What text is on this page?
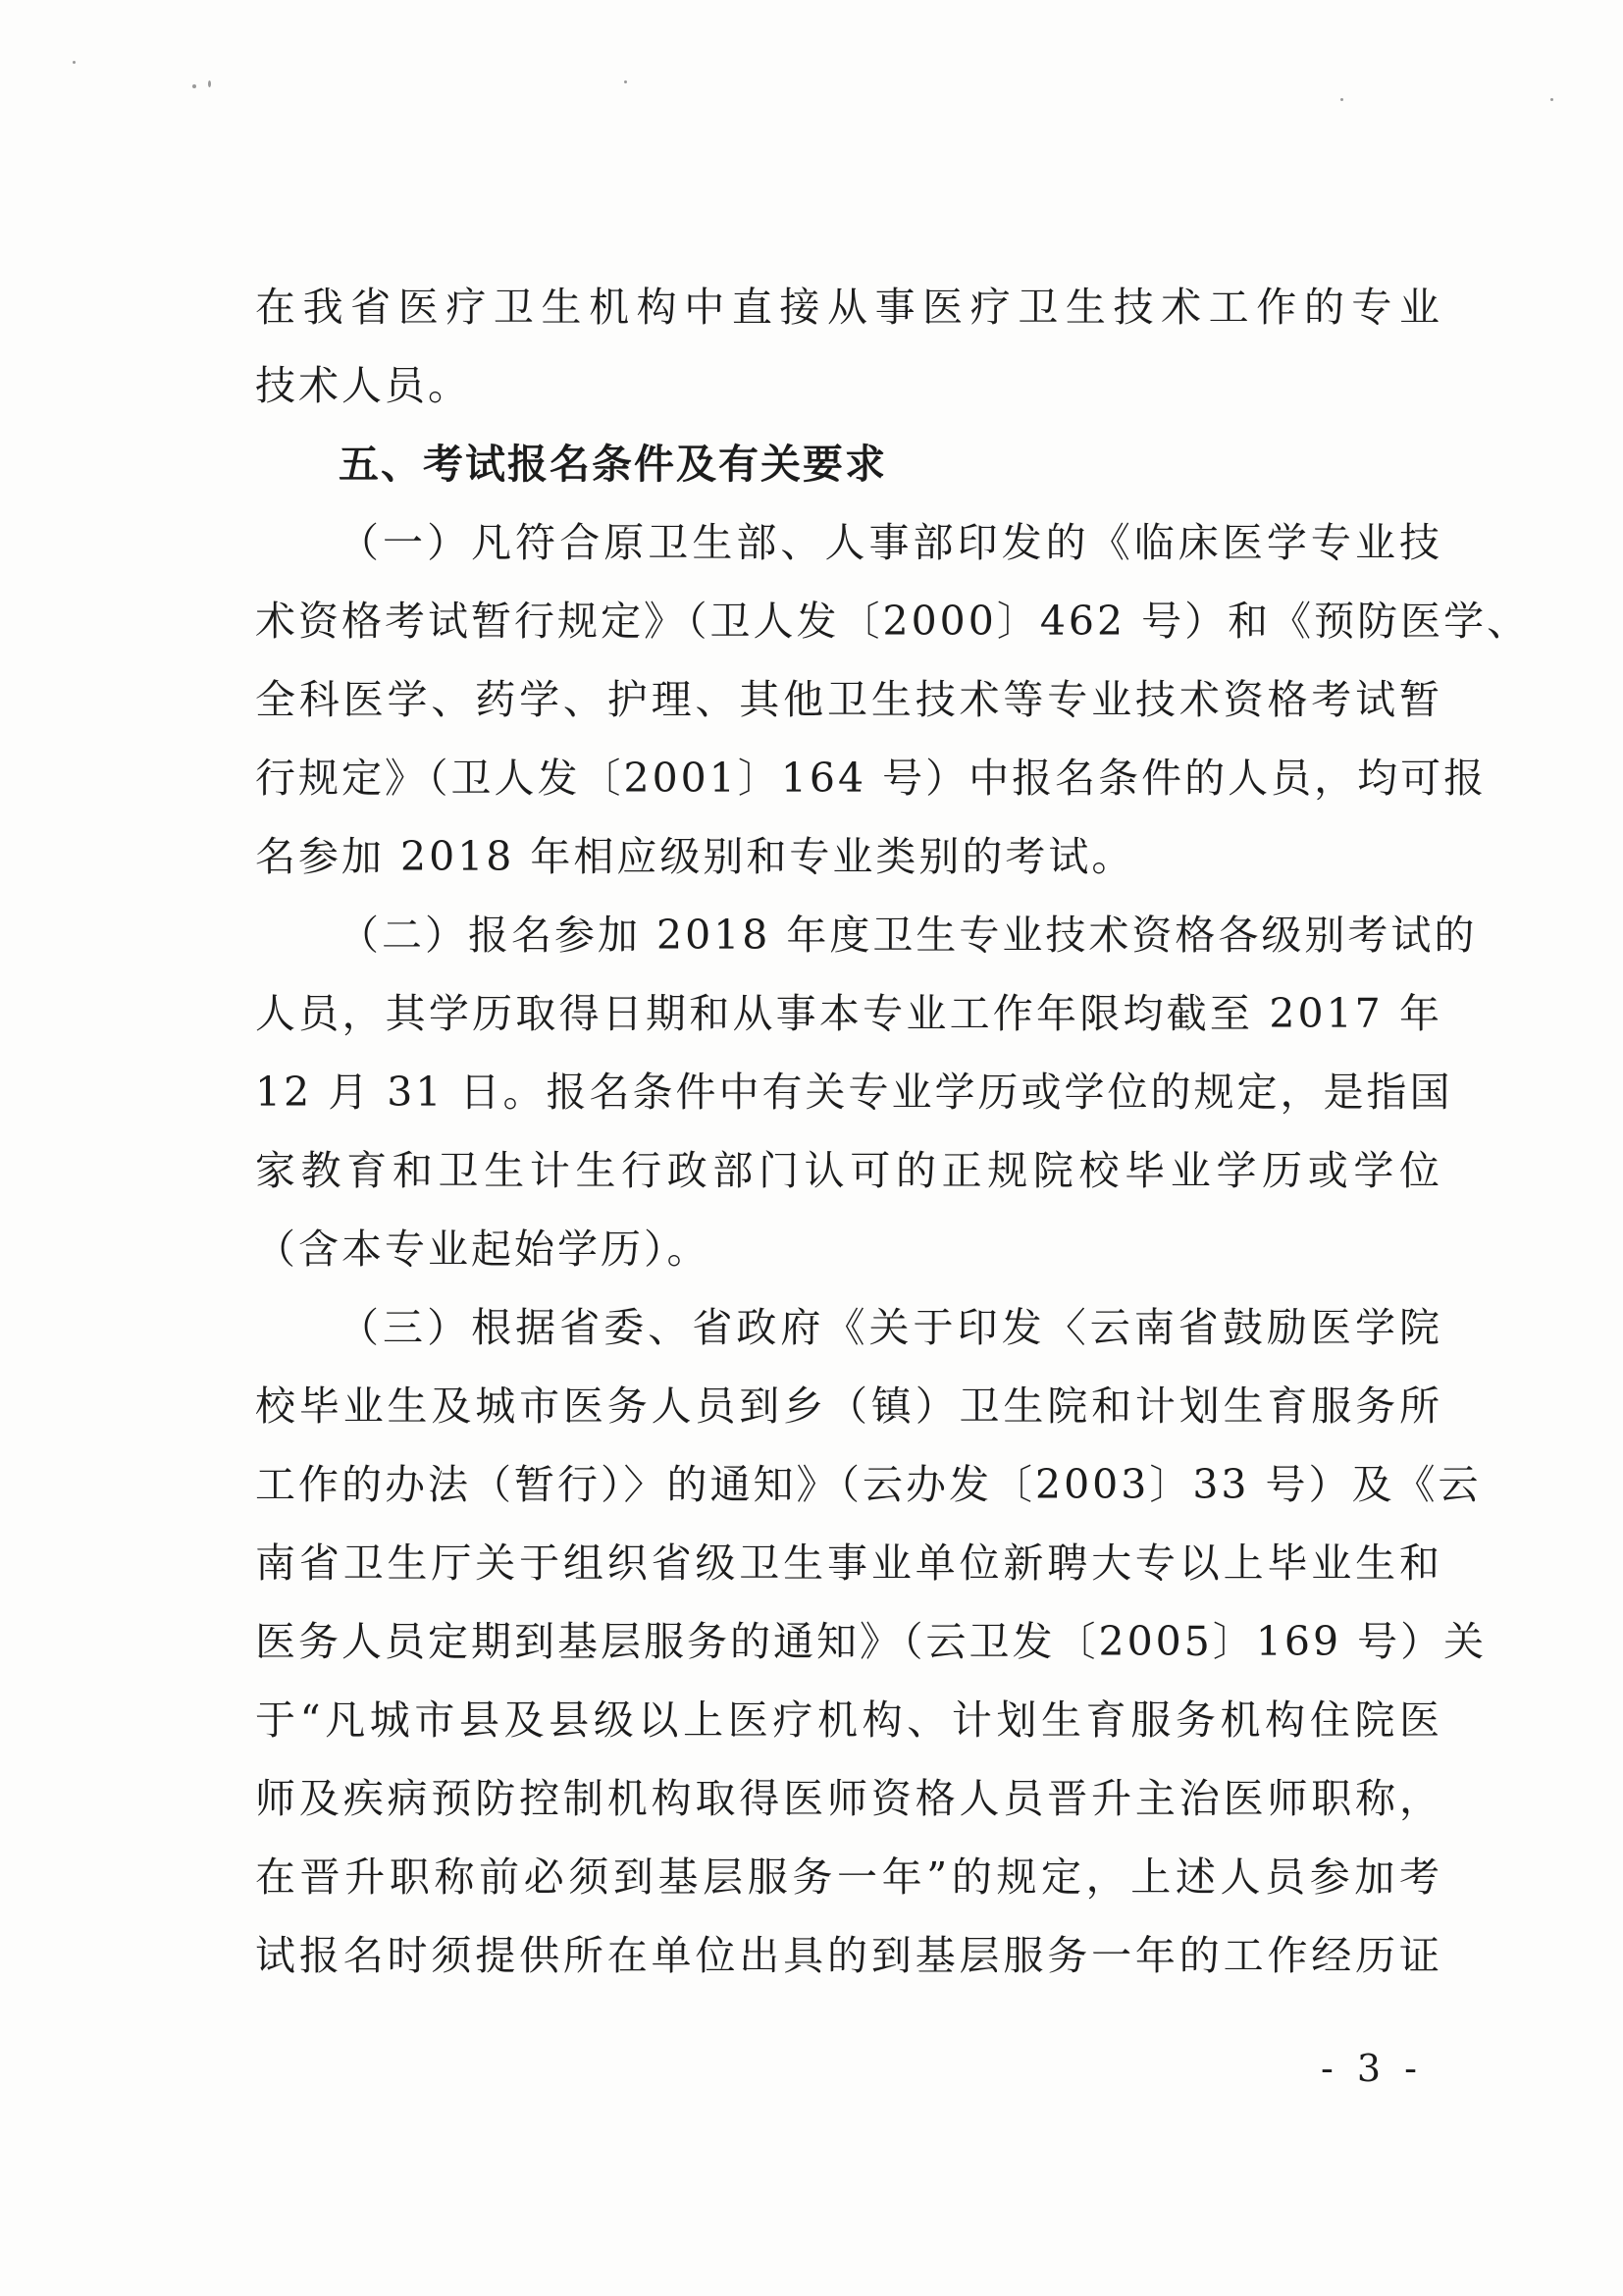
在我省医疗卫生机构中直接从事医疗卫生技术工作的专业
技术人员。
五、考试报名条件及有关要求
（一）凡符合原卫生部、人事部印发的《临床医学专业技
术资格考试暂行规定》（卫人发〔2000〕462 号）和《预防医学、
全科医学、药学、护理、其他卫生技术等专业技术资格考试暂
行规定》（卫人发〔2001〕164 号）中报名条件的人员，均可报
名参加 2018 年相应级别和专业类别的考试。
（二）报名参加 2018 年度卫生专业技术资格各级别考试的
人员，其学历取得日期和从事本专业工作年限均截至 2017 年
12 月 31 日。报名条件中有关专业学历或学位的规定，是指国
家教育和卫生计生行政部门认可的正规院校毕业学历或学位
（含本专业起始学历）。
（三）根据省委、省政府《关于印发〈云南省鼓励医学院
校毕业生及城市医务人员到乡（镇）卫生院和计划生育服务所
工作的办法（暂行）〉的通知》（云办发〔2003〕33 号）及《云
南省卫生厅关于组织省级卫生事业单位新聘大专以上毕业生和
医务人员定期到基层服务的通知》（云卫发〔2005〕169 号）关
于“凡城市县及县级以上医疗机构、计划生育服务机构住院医
师及疾病预防控制机构取得医师资格人员晋升主治医师职称，
在晋升职称前必须到基层服务一年”的规定，上述人员参加考
试报名时须提供所在单位出具的到基层服务一年的工作经历证
- 3 -
